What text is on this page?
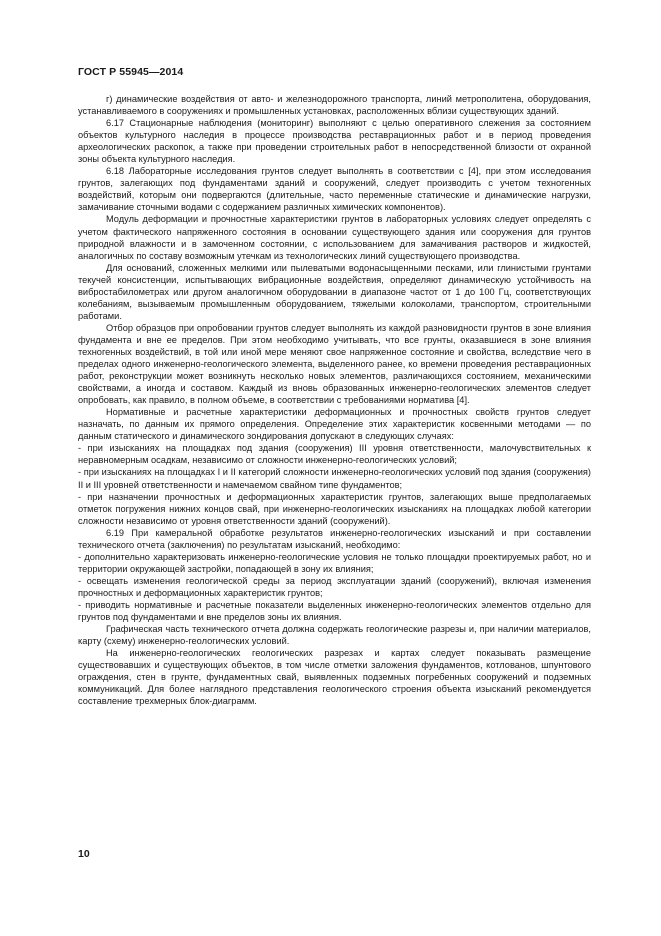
ГОСТ Р 55945—2014

г) динамические воздействия от авто- и железнодорожного транспорта, линий метрополитена, оборудования, устанавливаемого в сооружениях и промышленных установках, расположенных вблизи существующих зданий.

6.17 Стационарные наблюдения (мониторинг) выполняют с целью оперативного слежения за состоянием объектов культурного наследия в процессе производства реставрационных работ и в период проведения археологических раскопок, а также при проведении строительных работ в непосредственной близости от охранной зоны объекта культурного наследия.

6.18 Лабораторные исследования грунтов следует выполнять в соответствии с [4], при этом исследования грунтов, залегающих под фундаментами зданий и сооружений, следует производить с учетом техногенных воздействий, которым они подвергаются (длительные, часто переменные статические и динамические нагрузки, замачивание сточными водами с содержанием различных химических компонентов).

Модуль деформации и прочностные характеристики грунтов в лабораторных условиях следует определять с учетом фактического напряженного состояния в основании существующего здания или сооружения для грунтов природной влажности и в замоченном состоянии, с использованием для замачивания растворов и жидкостей, аналогичных по составу возможным утечкам из технологических линий существующего производства.

Для оснований, сложенных мелкими или пылеватыми водонасыщенными песками, или глинистыми грунтами текучей консистенции, испытывающих вибрационные воздействия, определяют динамическую устойчивость на вибростабилометрах или другом аналогичном оборудовании в диапазоне частот от 1 до 100 Гц, соответствующих колебаниям, вызываемым промышленным оборудованием, тяжелыми колоколами, транспортом, строительными работами.

Отбор образцов при опробовании грунтов следует выполнять из каждой разновидности грунтов в зоне влияния фундамента и вне ее пределов. При этом необходимо учитывать, что все грунты, оказавшиеся в зоне влияния техногенных воздействий, в той или иной мере меняют свое напряженное состояние и свойства, вследствие чего в пределах одного инженерно-геологического элемента, выделенного ранее, ко времени проведения реставрационных работ, реконструкции может возникнуть несколько новых элементов, различающихся состоянием, механическими свойствами, а иногда и составом. Каждый из вновь образованных инженерно-геологических элементов следует опробовать, как правило, в полном объеме, в соответствии с требованиями норматива [4].

Нормативные и расчетные характеристики деформационных и прочностных свойств грунтов следует назначать, по данным их прямого определения. Определение этих характеристик косвенными методами — по данным статического и динамического зондирования допускают в следующих случаях:

- при изысканиях на площадках под здания (сооружения) III уровня ответственности, малочувствительных к неравномерным осадкам, независимо от сложности инженерно-геологических условий;

- при изысканиях на площадках I и II категорий сложности инженерно-геологических условий под здания (сооружения) II и III уровней ответственности и намечаемом свайном типе фундаментов;

- при назначении прочностных и деформационных характеристик грунтов, залегающих выше предполагаемых отметок погружения нижних концов свай, при инженерно-геологических изысканиях на площадках любой категории сложности независимо от уровня ответственности зданий (сооружений).

6.19 При камеральной обработке результатов инженерно-геологических изысканий и при составлении технического отчета (заключения) по результатам изысканий, необходимо:

- дополнительно характеризовать инженерно-геологические условия не только площадки проектируемых работ, но и территории окружающей застройки, попадающей в зону их влияния;

- освещать изменения геологической среды за период эксплуатации зданий (сооружений), включая изменения прочностных и деформационных характеристик грунтов;

- приводить нормативные и расчетные показатели выделенных инженерно-геологических элементов отдельно для грунтов под фундаментами и вне пределов зоны их влияния.

Графическая часть технического отчета должна содержать геологические разрезы и, при наличии материалов, карту (схему) инженерно-геологических условий.

На инженерно-геологических геологических разрезах и картах следует показывать размещение существовавших и существующих объектов, в том числе отметки заложения фундаментов, котлованов, шпунтового ограждения, стен в грунте, фундаментных свай, выявленных подземных погребенных сооружений и подземных коммуникаций. Для более наглядного представления геологического строения объекта изысканий рекомендуется составление трехмерных блок-диаграмм.

10
